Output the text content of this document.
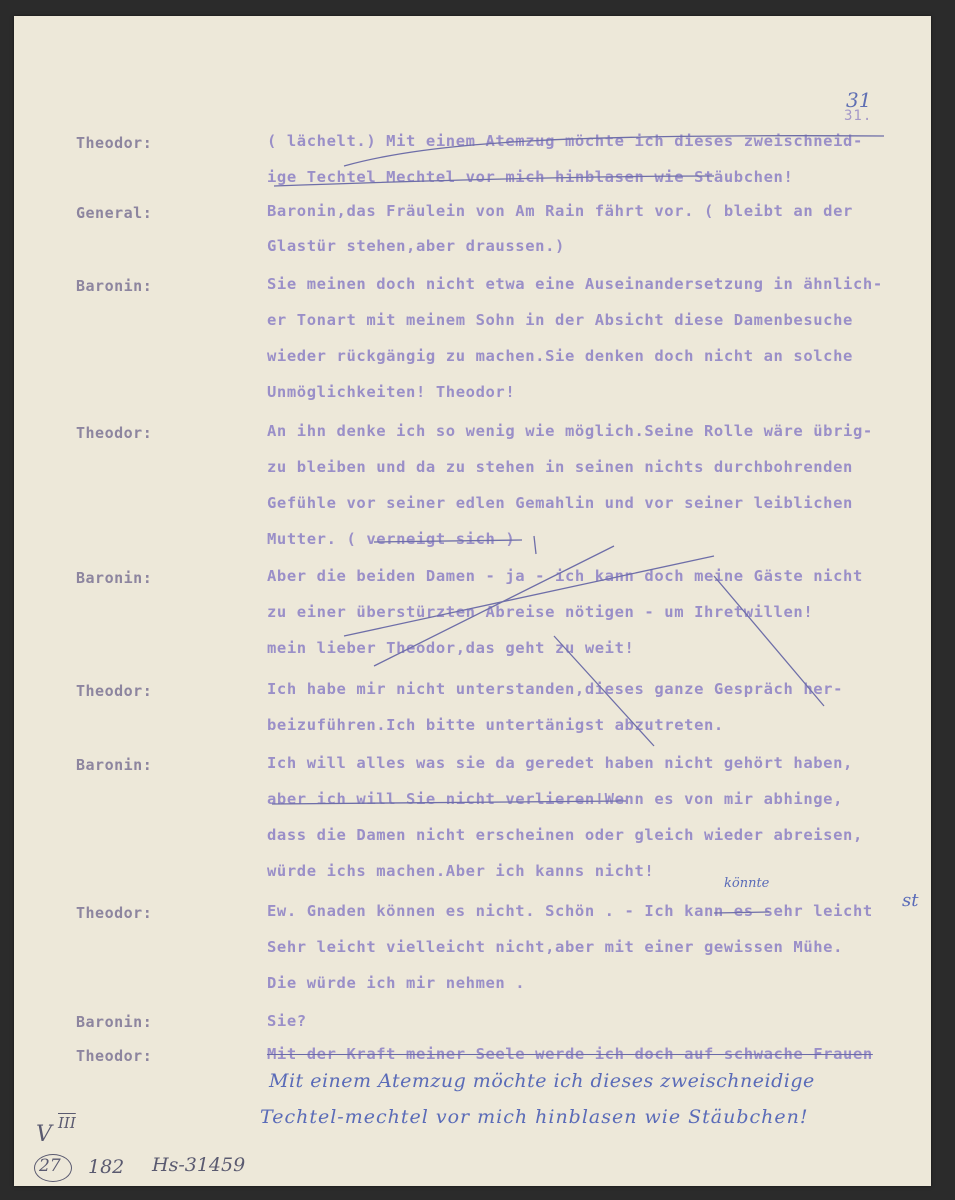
31
31.
Theodor:	( lächelt.) Mit einem Atemzug möchte ich dieses zweischneid-
ige Techtel Mechtel vor mich hinblasen wie Stäubchen!
General:	Baronin,das Fräulein von Am Rain fährt vor. ( bleibt an der
Glastür stehen,aber draussen.)
Baronin:	Sie meinen doch nicht etwa eine Auseinandersetzung in ähnlich-
er Tonart mit meinem Sohn in der Absicht diese Damenbesuche
wieder rückgängig zu machen.Sie denken doch nicht an solche
Unmöglichkeiten! Theodor!
Theodor:	An ihn denke ich so wenig wie möglich.Seine Rolle wäre übrig-
zu bleiben und da zu stehen in seinen nichts durchbohrenden
Gefühle vor seiner edlen Gemahlin und vor seiner leiblichen
Mutter. ( verneigt sich )
Baronin:	Aber die beiden Damen - ja - ich kann doch meine Gäste nicht
zu einer überstürzten Abreise nötigen - um Ihretwillen!
mein lieber Theodor,das geht zu weit!
Theodor:	Ich habe mir nicht unterstanden,dieses ganze Gespräch her-
beizuführen.Ich bitte untertänigst abzutreten.
Baronin:	Ich will alles was sie da geredet haben nicht gehört haben,
aber ich will Sie nicht verlieren!Wenn es von mir abhinge,
dass die Damen nicht erscheinen oder gleich wieder abreisen,
würde ichs machen.Aber ich kanns nicht!
Theodor:	Ew. Gnaden können es nicht. Schön . - Ich kann es sehr leicht
Sehr leicht vielleicht nicht,aber mit einer gewissen Mühe.
Die würde ich mir nehmen .
Baronin:	Sie?
Theodor:	Mit der Kraft meiner Seele werde ich doch auf schwache Frauen
könnte
st
Mit einem Atemzug möchte ich dieses zweischneidige
Techtel-mechtel vor mich hinblasen wie Stäubchen!
V $\overline{III}$
27 182 Hs-31459
